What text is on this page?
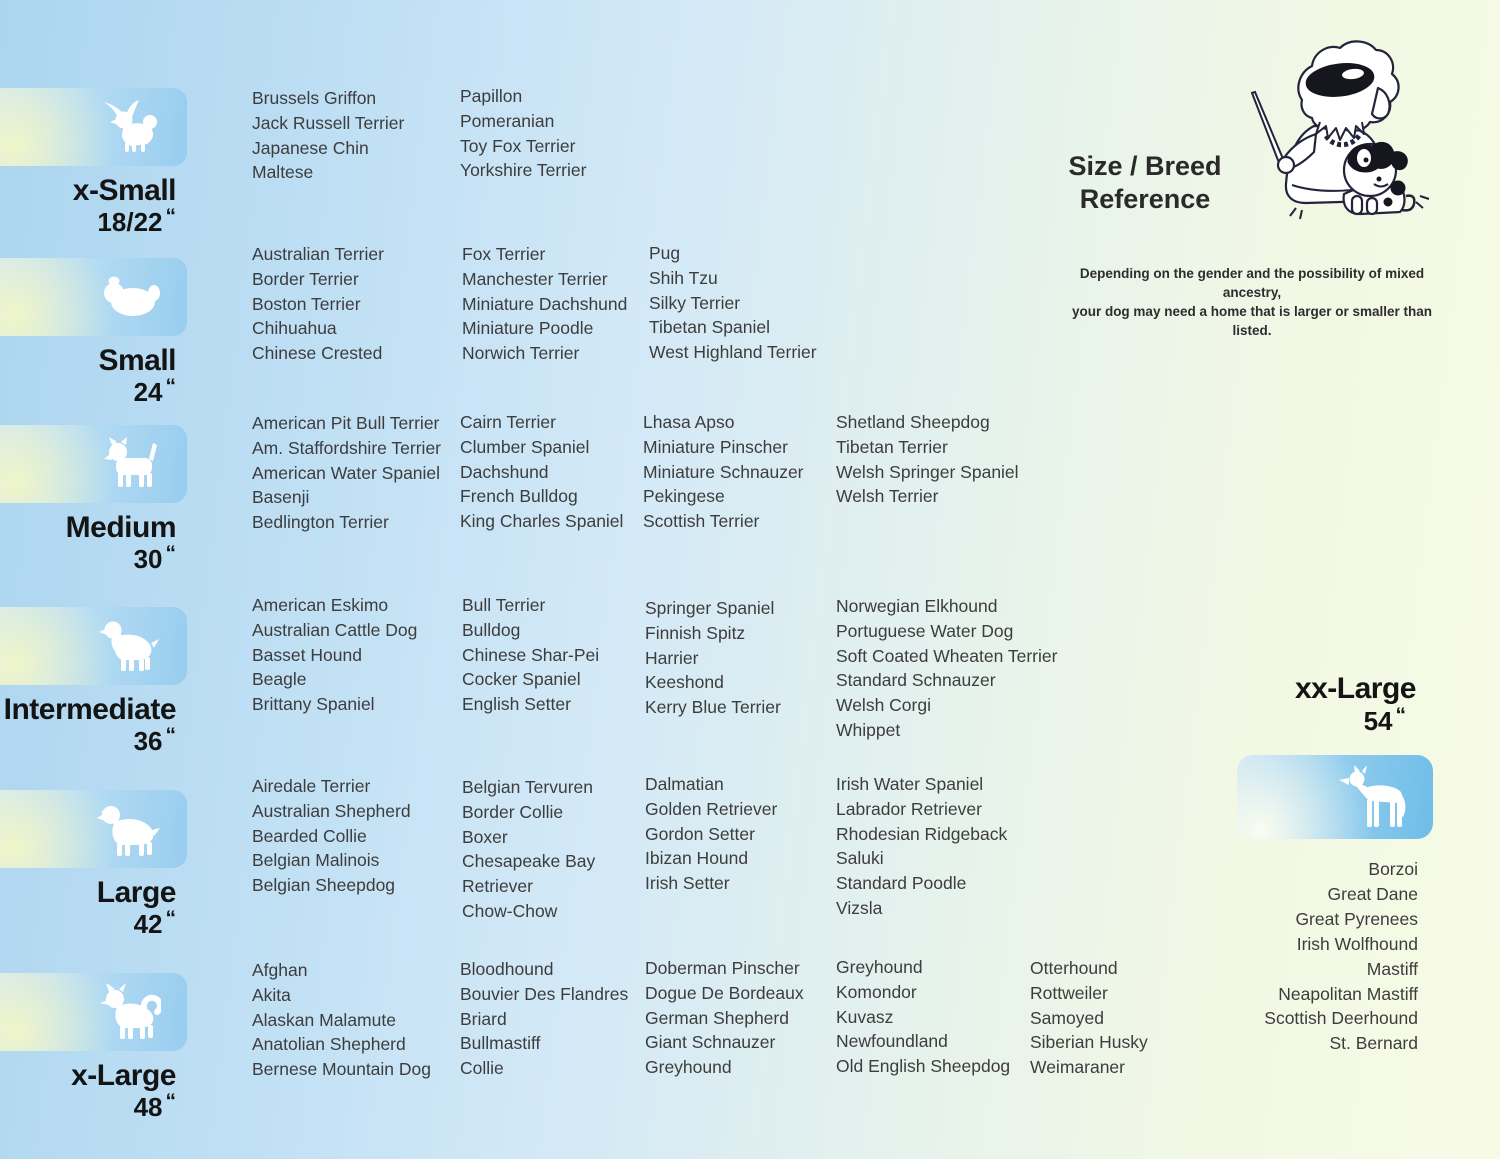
x-Small
18/22 “
Small
24 “
Medium
30 “
Intermediate
36 “
Large
42 “
x-Large
48 “
Brussels Griffon
Jack Russell Terrier
Japanese Chin
Maltese
Papillon
Pomeranian
Toy Fox Terrier
Yorkshire Terrier
Australian Terrier
Border Terrier
Boston Terrier
Chihuahua
Chinese Crested
Fox Terrier
Manchester Terrier
Miniature Dachshund
Miniature Poodle
Norwich Terrier
Pug
Shih Tzu
Silky Terrier
Tibetan Spaniel
West Highland Terrier
American Pit Bull Terrier
Am. Staffordshire Terrier
American Water Spaniel
Basenji
Bedlington Terrier
Cairn Terrier
Clumber Spaniel
Dachshund
French Bulldog
King Charles Spaniel
Lhasa Apso
Miniature Pinscher
Miniature Schnauzer
Pekingese
Scottish Terrier
Shetland Sheepdog
Tibetan Terrier
Welsh Springer Spaniel
Welsh Terrier
American Eskimo
Australian Cattle Dog
Basset Hound
Beagle
Brittany Spaniel
Bull Terrier
Bulldog
Chinese Shar-Pei
Cocker Spaniel
English Setter
Springer Spaniel
Finnish Spitz
Harrier
Keeshond
Kerry Blue Terrier
Norwegian Elkhound
Portuguese Water Dog
Soft Coated Wheaten Terrier
Standard Schnauzer
Welsh Corgi
Whippet
Airedale Terrier
Australian Shepherd
Bearded Collie
Belgian Malinois
Belgian Sheepdog
Belgian Tervuren
Border Collie
Boxer
Chesapeake Bay Retriever
Chow-Chow
Dalmatian
Golden Retriever
Gordon Setter
Ibizan Hound
Irish Setter
Irish Water Spaniel
Labrador Retriever
Rhodesian Ridgeback
Saluki
Standard Poodle
Vizsla
Afghan
Akita
Alaskan Malamute
Anatolian Shepherd
Bernese Mountain Dog
Bloodhound
Bouvier Des Flandres
Briard
Bullmastiff
Collie
Doberman Pinscher
Dogue De Bordeaux
German Shepherd
Giant Schnauzer
Greyhound
Greyhound
Komondor
Kuvasz
Newfoundland
Old English Sheepdog
Otterhound
Rottweiler
Samoyed
Siberian Husky
Weimaraner
Size / Breed
Reference
Depending on the gender and the possibility of mixed ancestry,
your dog may need a home that is larger or smaller than listed.
xx-Large
54 “
Borzoi
Great Dane
Great Pyrenees
Irish Wolfhound
Mastiff
Neapolitan Mastiff
Scottish Deerhound
St. Bernard
